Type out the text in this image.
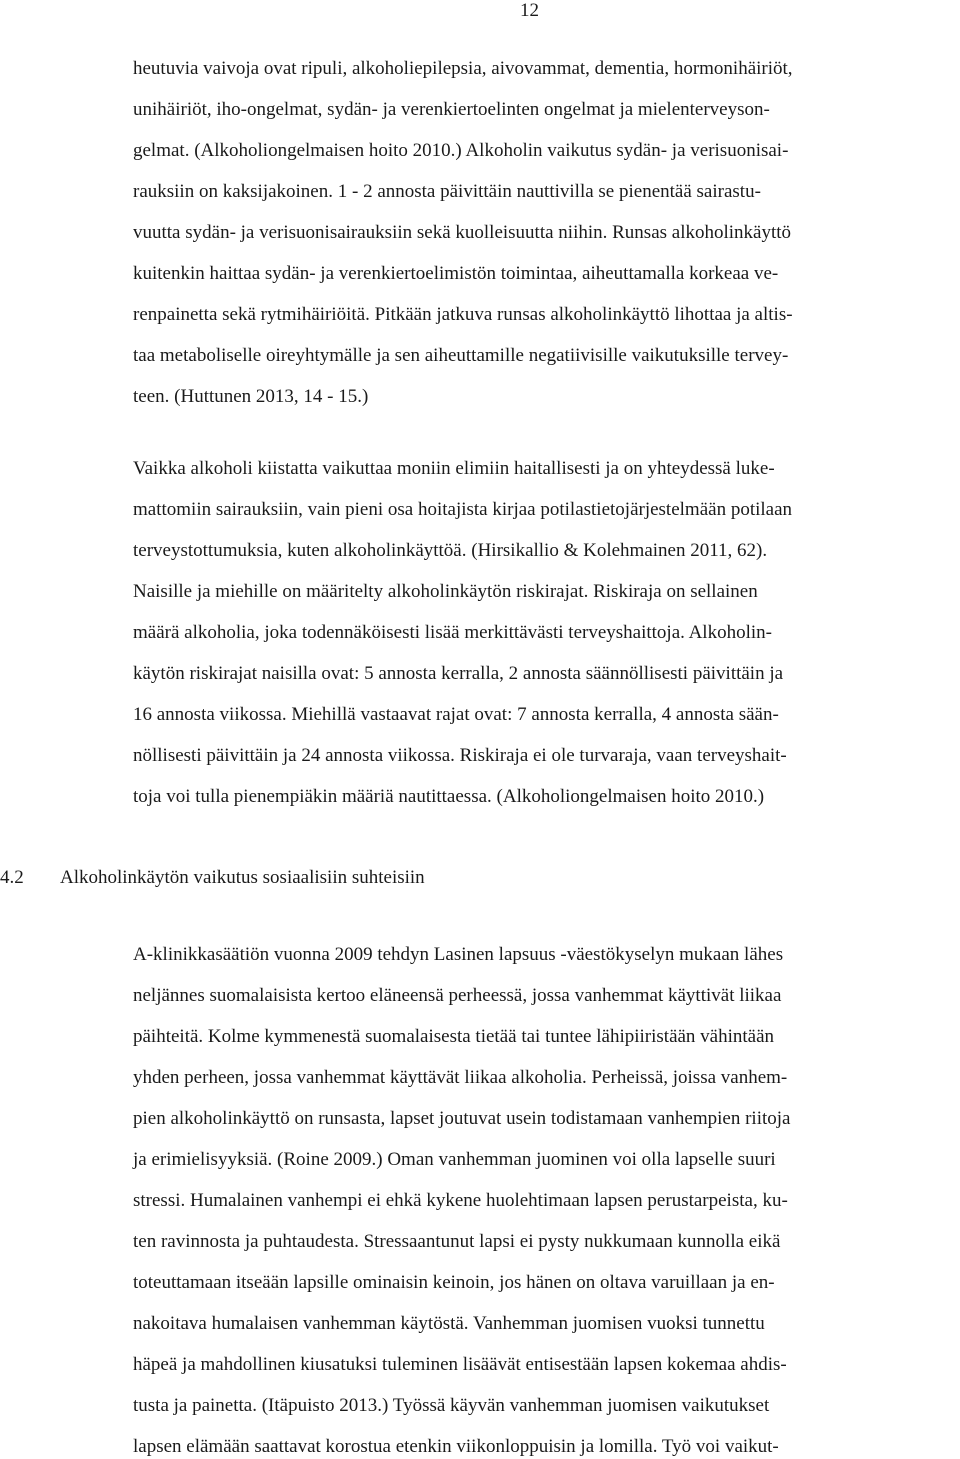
12
heutuvia vaivoja ovat ripuli, alkoholiepilepsia, aivovammat, dementia, hormonihäiriöt,
unihäiriöt, iho-ongelmat, sydän- ja verenkiertoelinten ongelmat ja mielenterveyson-
gelmat. (Alkoholiongelmaisen hoito 2010.) Alkoholin vaikutus sydän- ja verisuonisai-
rauksiin on kaksijakoinen. 1 - 2 annosta päivittäin nauttivilla se pienentää sairastu-
vuutta sydän- ja verisuonisairauksiin sekä kuolleisuutta niihin. Runsas alkoholinkäyttö
kuitenkin haittaa sydän- ja verenkiertoelimistön toimintaa, aiheuttamalla korkeaa ve-
renpainetta sekä rytmihäiriöitä. Pitkään jatkuva runsas alkoholinkäyttö lihottaa ja altis-
taa metaboliselle oireyhtymälle ja sen aiheuttamille negatiivisille vaikutuksille tervey-
teen. (Huttunen 2013, 14 - 15.)
Vaikka alkoholi kiistatta vaikuttaa moniin elimiin haitallisesti ja on yhteydessä luke-
mattomiin sairauksiin, vain pieni osa hoitajista kirjaa potilastietojärjestelmään potilaan
terveystottumuksia, kuten alkoholinkäyttöä. (Hirsikallio & Kolehmainen 2011, 62).
Naisille ja miehille on määritelty alkoholinkäytön riskirajat. Riskiraja on sellainen
määrä alkoholia, joka todennäköisesti lisää merkittävästi terveyshaittoja. Alkoholin-
käytön riskirajat naisilla ovat: 5 annosta kerralla, 2 annosta säännöllisesti päivittäin ja
16 annosta viikossa. Miehillä vastaavat rajat ovat: 7 annosta kerralla, 4 annosta sään-
nöllisesti päivittäin ja 24 annosta viikossa. Riskiraja ei ole turvaraja, vaan terveyshait-
toja voi tulla pienempiäkin määriä nautittaessa. (Alkoholiongelmaisen hoito 2010.)
4.2 Alkoholinkäytön vaikutus sosiaalisiin suhteisiin
A-klinikkasäätiön vuonna 2009 tehdyn Lasinen lapsuus -väestökyselyn mukaan lähes
neljännes suomalaisista kertoo eläneensä perheessä, jossa vanhemmat käyttivät liikaa
päihteitä. Kolme kymmenestä suomalaisesta tietää tai tuntee lähipiiristään vähintään
yhden perheen, jossa vanhemmat käyttävät liikaa alkoholia. Perheissä, joissa vanhem-
pien alkoholinkäyttö on runsasta, lapset joutuvat usein todistamaan vanhempien riitoja
ja erimielisyyksiä. (Roine 2009.) Oman vanhemman juominen voi olla lapselle suuri
stressi. Humalainen vanhempi ei ehkä kykene huolehtimaan lapsen perustarpeista, ku-
ten ravinnosta ja puhtaudesta. Stressaantunut lapsi ei pysty nukkumaan kunnolla eikä
toteuttamaan itseään lapsille ominaisin keinoin, jos hänen on oltava varuillaan ja en-
nakoitava humalaisen vanhemman käytöstä. Vanhemman juomisen vuoksi tunnettu
häpeä ja mahdollinen kiusatuksi tuleminen lisäävät entisestään lapsen kokemaa ahdis-
tusta ja painetta. (Itäpuisto 2013.) Työssä käyvän vanhemman juomisen vaikutukset
lapsen elämään saattavat korostua etenkin viikonloppuisin ja lomilla. Työ voi vaikut-
